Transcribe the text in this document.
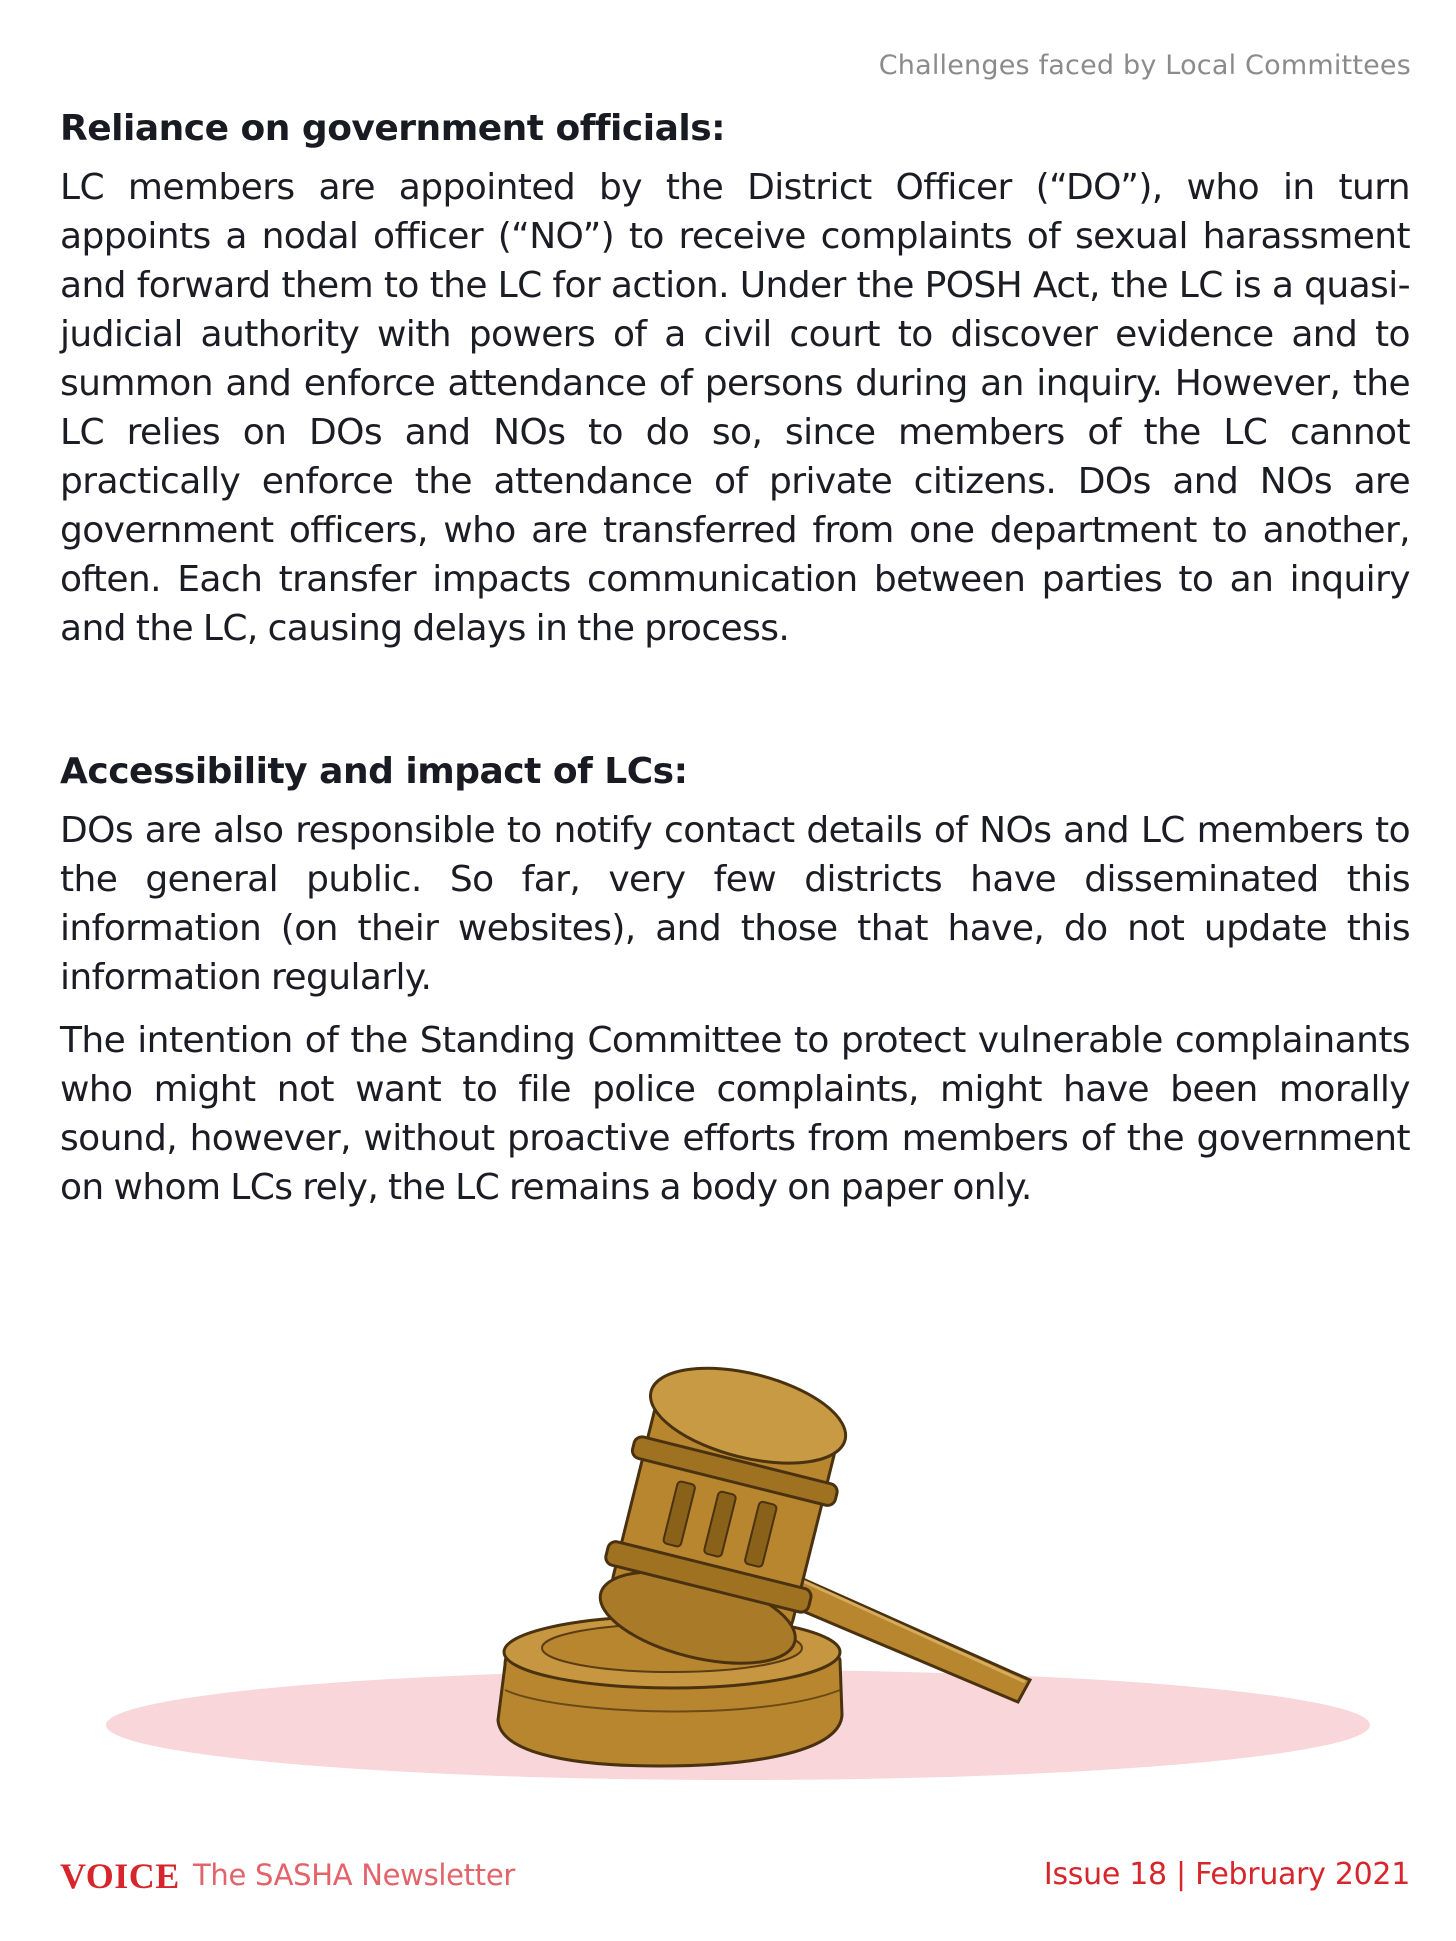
Challenges faced by Local Committees
Reliance on government officials:

LC members are appointed by the District Officer (“DO”), who in turn appoints a nodal officer (“NO”) to receive complaints of sexual harassment and forward them to the LC for action. Under the POSH Act, the LC is a quasi-judicial authority with powers of a civil court to discover evidence and to summon and enforce attendance of persons during an inquiry. However, the LC relies on DOs and NOs to do so, since members of the LC cannot practically enforce the attendance of private citizens. DOs and NOs are government officers, who are transferred from one department to another, often. Each transfer impacts communication between parties to an inquiry and the LC, causing delays in the process.

Accessibility and impact of LCs:

DOs are also responsible to notify contact details of NOs and LC members to the general public. So far, very few districts have disseminated this information (on their websites), and those that have, do not update this information regularly.

The intention of the Standing Committee to protect vulnerable complainants who might not want to file police complaints, might have been morally sound, however, without proactive efforts from members of the government on whom LCs rely, the LC remains a body on paper only.

VOICE The SASHA Newsletter	Issue 18 | February 2021
